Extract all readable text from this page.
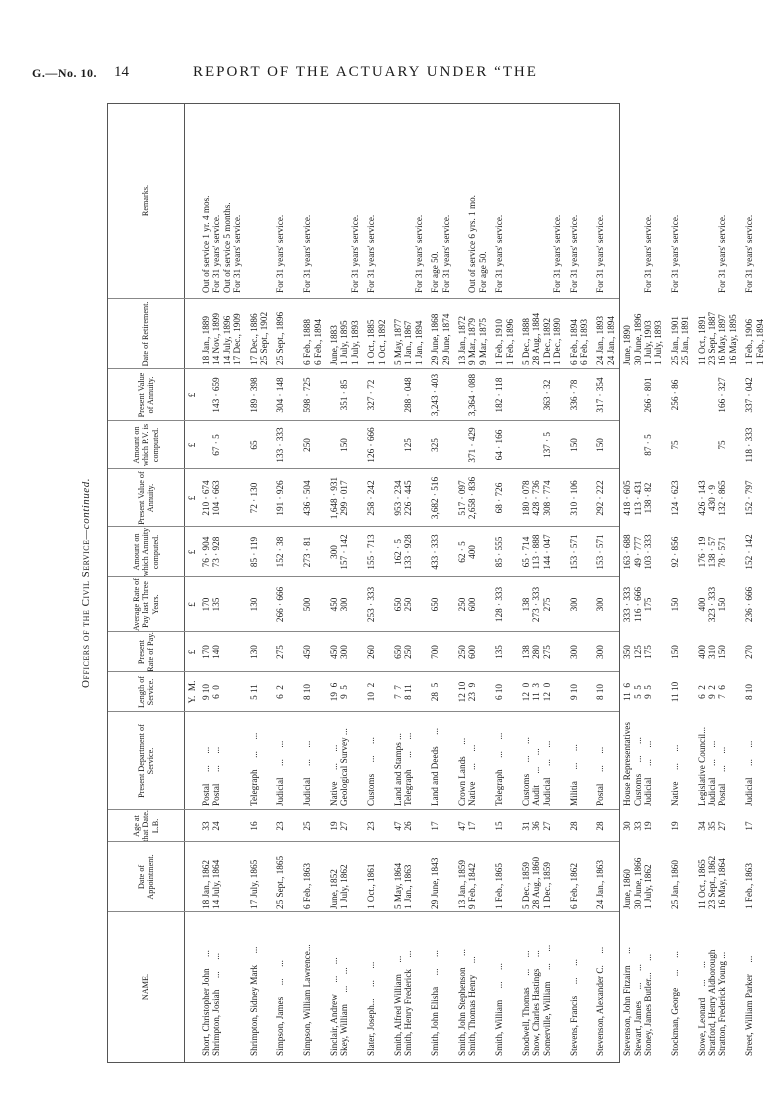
G.—No. 10. 14	REPORT OF THE ACTUARY UNDER “THE
Officers of the Civil Service—continued.
NAME.
Date of Appointment.
Age at that Date. L.B.
Present Department of Service.
Length of Service.
Present Rate of Pay.
Average Rate of Pay last Three Years.
Amount on which Annuity computed.
Present Value of Annuity.
Amount on which P.V. is computed.
Present Value of Annuity.
Date of Retirement.
Remarks.
Y.  M.
£
£
£
£
£
£
Short, Christopher John     ...
Shrimpton, Josiah     ...     ...
18 Jan., 1862
14 July, 1864
33
24
Postal     ...     ...
Postal     ...     ...
9 10
6  0
170
140
170
135
76 · 904
73 · 928
210 · 674
104 · 663

67 · 5

143 · 659
18 Jan., 1889
14 Nov., 1899
14 July, 1896
17 Dec., 1909
Out of service 1 yr. 4 mos.
For 31 years' service.
Out of service 5 months.
For 31 years' service.
Shrimpton, Sidney Mark     ...
17 July, 1865
16
Telegraph     ...     ...
5 11
130
130
85 · 119
72 · 130
65
189 · 398
17 Dec., 1886
25 Sept., 1902
Simpson, James     ...     ...
25 Sept., 1865
23
Judicial     ...     ...
6  2
275
266 · 666
152 · 38
191 · 926
133 · 333
304 · 148
25 Sept., 1896
For 31 years' service.
Simpson, William Lawrence...
6 Feb., 1863
25
Judicial     ...     ...
8 10
450
500
273 · 81
436 · 504
250
598 · 725
6 Feb., 1888
6 Feb., 1894
For 31 years' service.
Sinclair, Andrew     ...     ...
Skey, William     ...     ...
June, 1852
1 July, 1862
19
27
Native     ...     ...
Geological Survey ...
19  6
9  5
450
300
450
300
300
157 · 142
1,648 · 931
299 · 017

150

351 · 85
June, 1883
1 July, 1895
1 July, 1893

For 31 years' service.
Slater, Joseph...     ...     ...
1 Oct., 1861
23
Customs     ...     ...
10  2
260
253 · 333
155 · 713
258 · 242
126 · 666
327 · 72
1 Oct., 1885
1 Oct., 1892
For 31 years' service.
Smith, Alfred William     ...
Smith, Henry Frederick     ...
5 May, 1864
1 Jan., 1863
47
26
Land and Stamps ...
Telegraph     ...     ...
7  7
8 11
650
250
650
250
162 · 5
133 · 928
953 · 234
226 · 445

125

288 · 048
5 May, 1877
1 Jan., 1867
1 Jan., 1894

For 31 years' service.
Smith, John Elisha     ...     ...
29 June, 1843
17
Land and Deeds     ...
28  5
700
650
433 · 333
3,682 · 516
325
3,243 · 403
29 June, 1868
29 June, 1874
For age 50.
For 31 years' service.
Smith, John Stephenson     ...
Smith, Thomas Henry     ...
13 Jan., 1859
9 Feb., 1842
47
17
Crown Lands     ...
Native     ...     ...
12 10
23  9
250
600
250
600
62 · 5
400
517 · 097
2,658 · 836

371 · 429

3,364 · 088
13 Jan., 1872
9 Mar., 1879
9 Mar., 1875

Out of service 6 yrs. 1 mo.
For age 50.
Smith, William     ...     ...
1 Feb., 1865
15
Telegraph     ...     ...
6 10
135
128 · 333
85 · 555
68 · 726
64 · 166
182 · 118
1 Feb., 1910
1 Feb., 1896
For 31 years' service.
Snodwell, Thomas     ...     ...
Snow, Charles Hastings     ...
Somerville, William     ...     ...
5 Dec., 1859
28 Aug., 1860
1 Dec., 1859
31
36
27
Customs     ...     ...
Audit     ...     ...
Judicial     ...     ...
12  0
11  3
12  0
138
280
275
138
273 · 333
275
65 · 714
113 · 888
144 · 047
180 · 078
428 · 736
308 · 774

137 · 5

363 · 32
5 Dec., 1888
28 Aug., 1884
1 Dec., 1892
1 Dec., 1890

For 31 years' service.
Stevens, Francis     ...     ...
6 Feb., 1862
28
Militia     ...     ...
9 10
300
300
153 · 571
310 · 106
150
336 · 78
6 Feb., 1894
6 Feb., 1893
For 31 years' service.
Stevenson, Alexander C.     ...
24 Jan., 1863
28
Postal     ...     ...
8 10
300
300
153 · 571
292 · 222
150
317 · 354
24 Jan., 1893
24 Jan., 1894
For 31 years' service.
Stevenson, John Fitzairn     ...
Stewart, James     ...     ...
Stoney, James Butler...     ...
June, 1860
30 June, 1866
1 July, 1862
30
33
19
House Representatives
Customs     ...     ...
Judicial     ...     ...
11  6
5  5
9  5
350
125
175
333 · 333
116 · 666
175
163 · 688
49 · 777
103 · 333
418 · 605
113 · 431
138 · 82

87 · 5

266 · 801
June, 1890
30 June, 1896
1 July, 1903
1 July, 1893

For 31 years' service.
Stockman, George     ...     ...
25 Jan., 1860
19
Native     ...     ...
11 10
150
150
92 · 856
124 · 623
75
256 · 86
25 Jan., 1901
25 Jan., 1891
For 31 years' service.
Stowe, Leonard     ...     ...
Stratford, Henry Aldborough
Stratton, Frederick Young ...
11 Oct., 1865
23 Sept., 1862
16 May, 1864
34
35
27
Legislative Council...
Judicial     ...     ...
Postal     ...     ...
6  2
9  2
7  6
400
310
150
400
323 · 333
150
176 · 19
138 · 57
78 · 571
426 · 143
430 · 9
132 · 865

75

166 · 327
11 Oct., 1891
23 Sept., 1887
16 May, 1897
16 May, 1895

For 31 years' service.
Street, William Parker     ...
1 Feb., 1863
17
Judicial     ...     ...
8 10
270
236 · 666
152 · 142
152 · 797
118 · 333
337 · 042
1 Feb., 1906
1 Feb., 1894
For 31 years' service.
